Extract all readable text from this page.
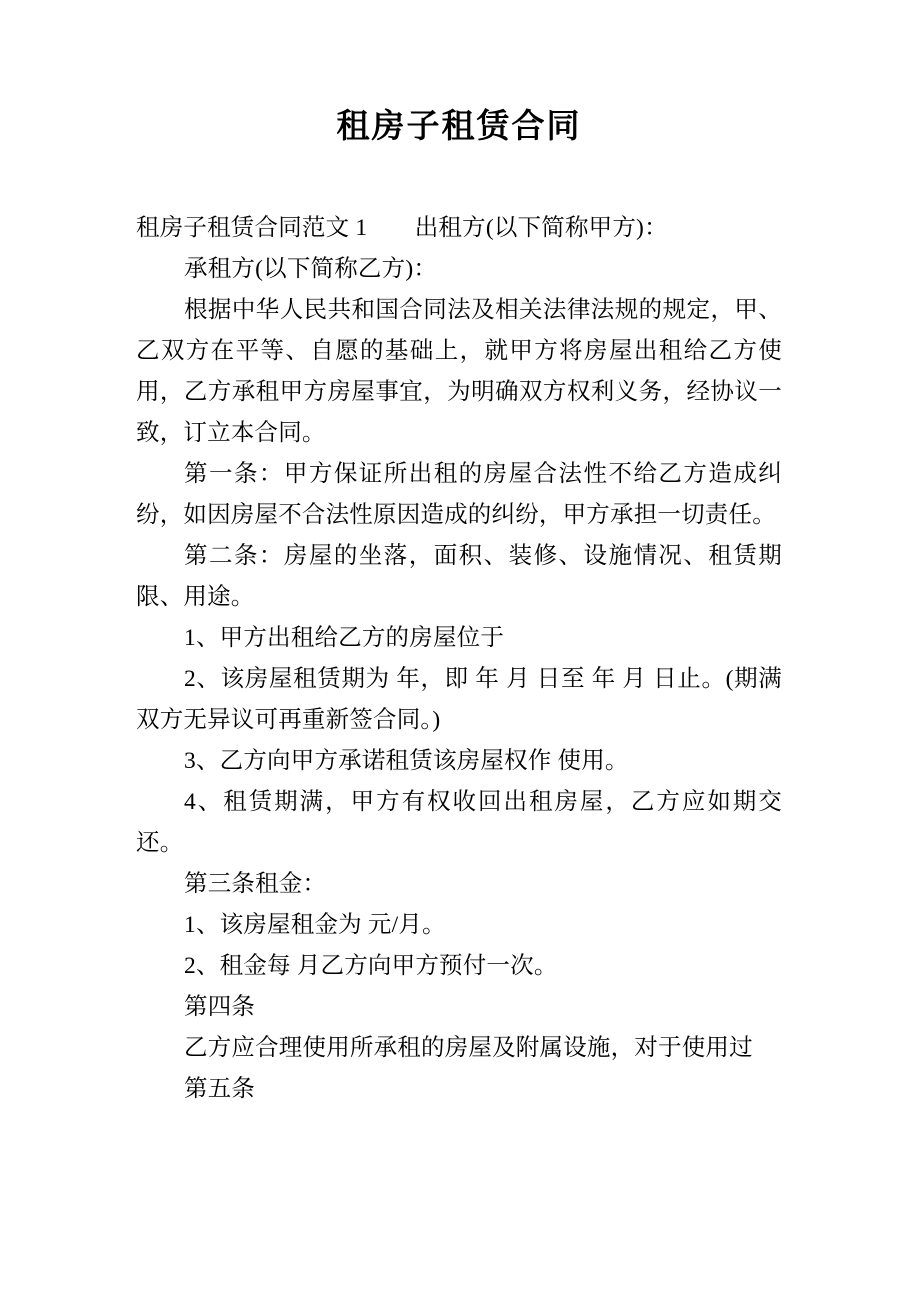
租房子租赁合同

租房子租赁合同范文 1　　出租方(以下简称甲方)：

承租方(以下简称乙方)：

根据中华人民共和国合同法及相关法律法规的规定，甲、乙双方在平等、自愿的基础上，就甲方将房屋出租给乙方使用，乙方承租甲方房屋事宜，为明确双方权利义务，经协议一致，订立本合同。

第一条：甲方保证所出租的房屋合法性不给乙方造成纠纷，如因房屋不合法性原因造成的纠纷，甲方承担一切责任。

第二条：房屋的坐落，面积、装修、设施情况、租赁期限、用途。

1、甲方出租给乙方的房屋位于

2、该房屋租赁期为 年，即 年 月 日至 年 月 日止。(期满双方无异议可再重新签合同。)

3、乙方向甲方承诺租赁该房屋权作 使用。

4、租赁期满，甲方有权收回出租房屋，乙方应如期交还。

第三条租金：

1、该房屋租金为 元/月。

2、租金每 月乙方向甲方预付一次。

第四条

乙方应合理使用所承租的房屋及附属设施，对于使用过

第五条
